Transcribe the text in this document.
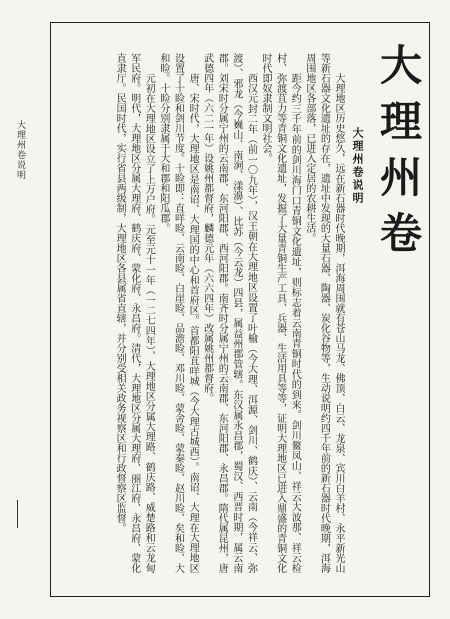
大理州卷说明	大理州卷
大理州卷说明

大理地区历史悠久，远在新石器时代晚期，洱海周围就有苍山马龙、佛顶、白云、龙泉、宾川白羊村、永平新光山等新石器文化遗址的存在，遗址中发现的大量石器、陶器、炭化谷物等，生动说明约四千年前的新石器时代晚期，洱海周围地区各部落，已进入定居的农耕生活。

距今约三千年前的剑川海门口青铜文化遗址，则标志着云南青铜时代的到来。剑川鳌凤山、祥云大波那、祥云检村、弥渡苴力等青铜文化遗址，发掘了大量青铜生产工具、兵器、生活用具等等，证明大理地区已进入鼎盛的青铜文化时代即奴隶制文明社会。

西汉元封二年（前一〇九年），汉王朝在大理地区设置了叶榆（今大理、洱源、剑川、鹤庆）、云南（今祥云、弥渡）、邪龙（今巍山、南涧、漾濞）、比苏（今云龙）四县，属益州郡管辖。东汉属永昌郡，蜀汉、西晋时期，属云南郡。刘宋时分属宁州的云南郡、东河阳郡、西河阳郡。南齐时分属宁州的云南郡、东河阳郡、永昌郡。隋代属昆州，唐武德四年（六二一年）设姚州都督府，麟德元年（六六四年）改属姚州都督府。

唐、宋时代，大理地区是南诏、大理国的中心和首府区。首都阳苴咩城（今大理古城西）。南诏、大理在大理地区设置了十睑和剑川节度。十睑即：直咩睑、云南睑、白崖睑、品澹睑、邓川睑、蒙舍睑、蒙秦睑、赵川睑、矣和睑、大和睑。十睑分别隶属于大和郡和阳瓜郡。

元初在大理地区设立了上万户府。元至元十一年（一二七四年），大理地区分属大理路、鹤庆路、威楚路和云龙甸军民府。明代，大理地区分属大理府、鹤庆府、蒙化府、永昌府。清代，大理地区分属大理府、丽江府、永昌府、蒙化直隶厅。民国时代，实行省县两级制，大理地区各县属省直辖，并分别受相关政务视察区和行政督察区监督。
